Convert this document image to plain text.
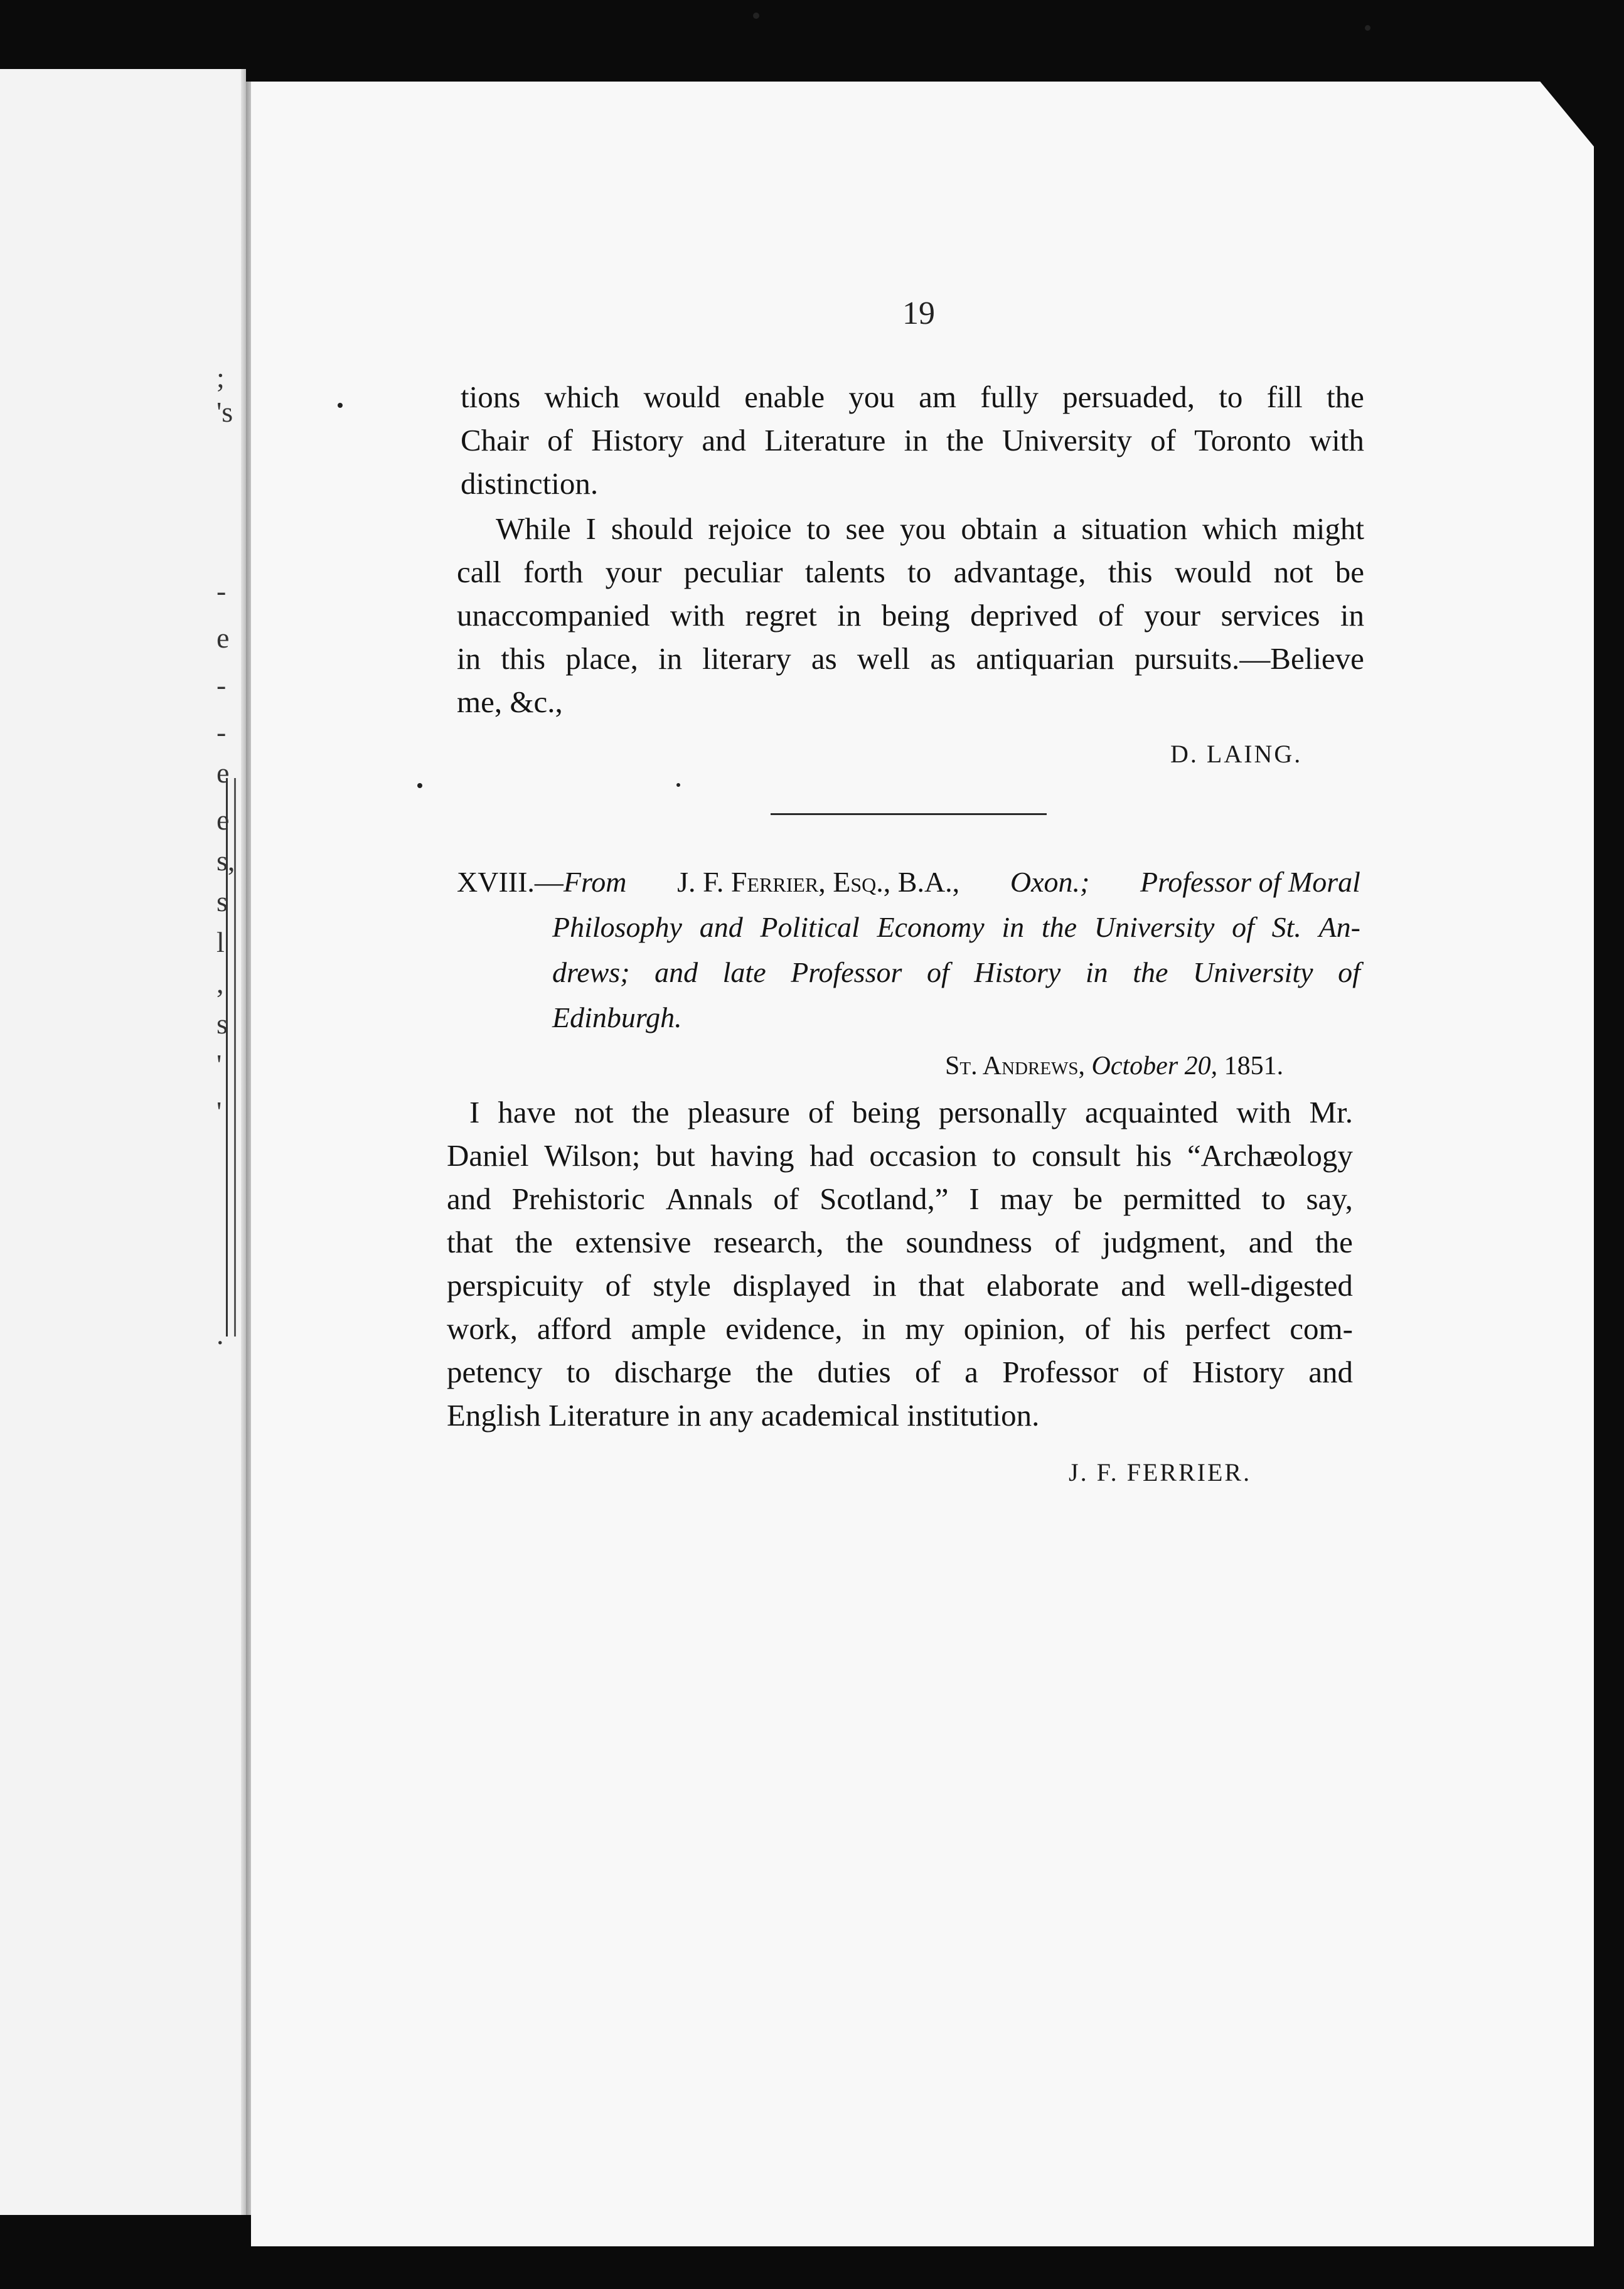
;
's
-
e
-
-
e
e
s,
s
l
,
s
'
'
.
19
tions which would enable you am fully persuaded, to fill the
Chair of History and Literature in the University of Toronto with
distinction.
While I should rejoice to see you obtain a situation which might
call forth your peculiar talents to advantage, this would not be
unaccompanied with regret in being deprived of your services in
in this place, in literary as well as antiquarian pursuits.—Believe
me, &c.,
D. LAING.
XVIII.—From J. F. Ferrier, Esq., B.A., Oxon.; Professor of Moral
Philosophy and Political Economy in the University of St. An-
drews; and late Professor of History in the University of
Edinburgh.
St. Andrews, October 20, 1851.
I have not the pleasure of being personally acquainted with Mr.
Daniel Wilson; but having had occasion to consult his “Archæology
and Prehistoric Annals of Scotland,” I may be permitted to say,
that the extensive research, the soundness of judgment, and the
perspicuity of style displayed in that elaborate and well-digested
work, afford ample evidence, in my opinion, of his perfect com-
petency to discharge the duties of a Professor of History and
English Literature in any academical institution.
J. F. FERRIER.
